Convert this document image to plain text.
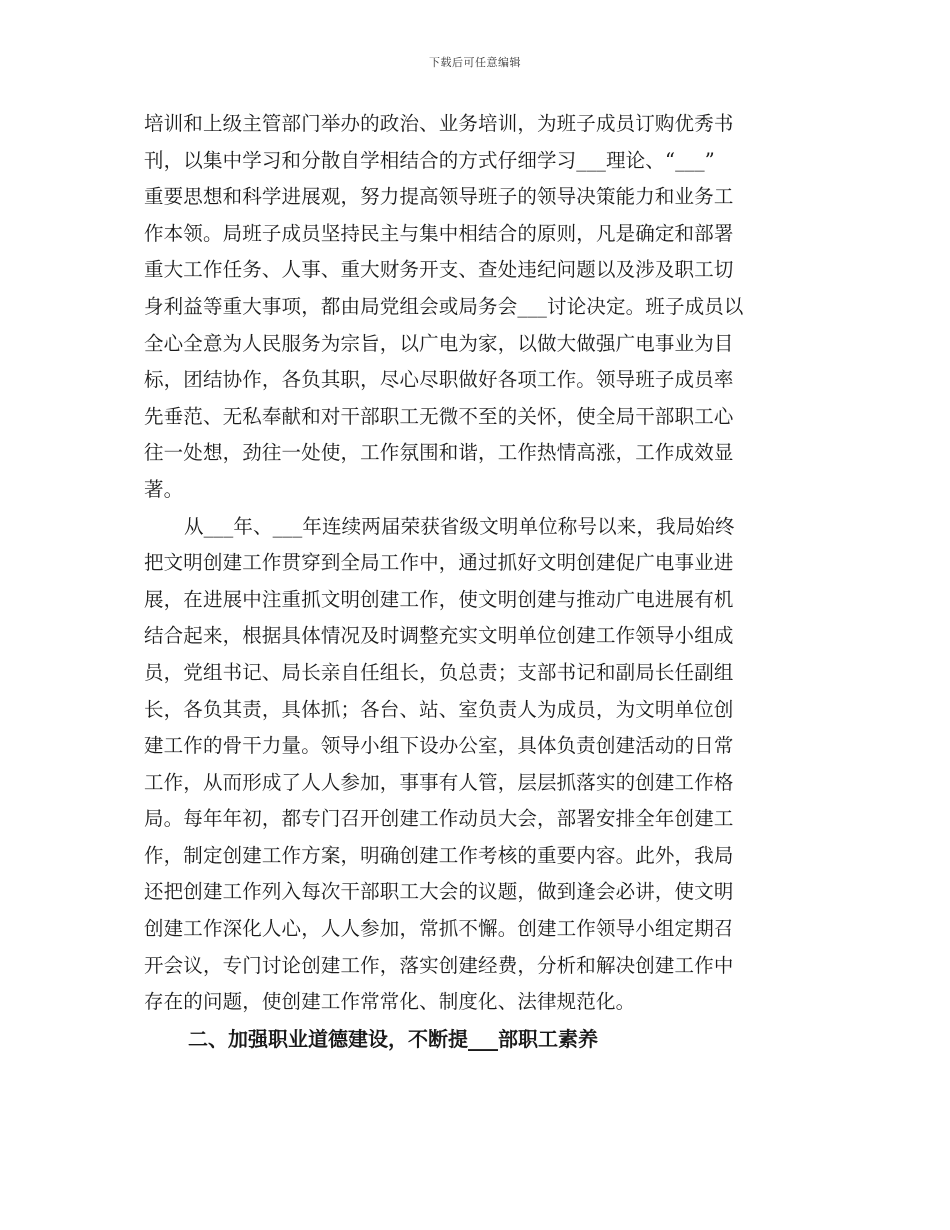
下载后可任意编辑
培训和上级主管部门举办的政治、业务培训，为班子成员订购优秀书
刊，以集中学习和分散自学相结合的方式仔细学习___理论、“___”
重要思想和科学进展观，努力提高领导班子的领导决策能力和业务工
作本领。局班子成员坚持民主与集中相结合的原则，凡是确定和部署
重大工作任务、人事、重大财务开支、查处违纪问题以及涉及职工切
身利益等重大事项，都由局党组会或局务会___讨论决定。班子成员以
全心全意为人民服务为宗旨，以广电为家，以做大做强广电事业为目
标，团结协作，各负其职，尽心尽职做好各项工作。领导班子成员率
先垂范、无私奉献和对干部职工无微不至的关怀，使全局干部职工心
往一处想，劲往一处使，工作氛围和谐，工作热情高涨，工作成效显
著。
从___年、___年连续两届荣获省级文明单位称号以来，我局始终
把文明创建工作贯穿到全局工作中，通过抓好文明创建促广电事业进
展，在进展中注重抓文明创建工作，使文明创建与推动广电进展有机
结合起来，根据具体情况及时调整充实文明单位创建工作领导小组成
员，党组书记、局长亲自任组长，负总责；支部书记和副局长任副组
长，各负其责，具体抓；各台、站、室负责人为成员，为文明单位创
建工作的骨干力量。领导小组下设办公室，具体负责创建活动的日常
工作，从而形成了人人参加，事事有人管，层层抓落实的创建工作格
局。每年年初，都专门召开创建工作动员大会，部署安排全年创建工
作，制定创建工作方案，明确创建工作考核的重要内容。此外，我局
还把创建工作列入每次干部职工大会的议题，做到逢会必讲，使文明
创建工作深化人心，人人参加，常抓不懈。创建工作领导小组定期召
开会议，专门讨论创建工作，落实创建经费，分析和解决创建工作中
存在的问题，使创建工作常常化、制度化、法律规范化。
二、加强职业道德建设，不断提___部职工素养
